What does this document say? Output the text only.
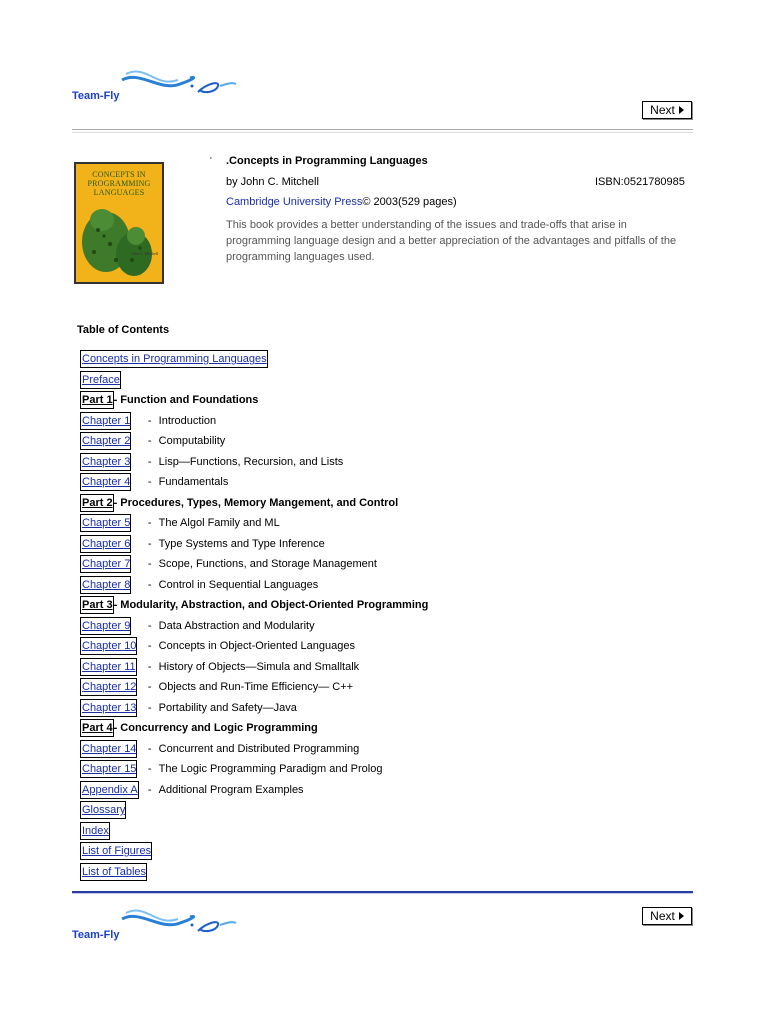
Team-Fly
Next
CONCEPTS IN
PROGRAMMING
LANGUAGES
John C. Mitchell
· .Concepts in Programming Languages
by John C. Mitchell	ISBN:0521780985
Cambridge University Press© 2003(529 pages)
This book provides a better understanding of the issues and trade-offs that arise in programming language design and a better appreciation of the advantages and pitfalls of the programming languages used.
Table of Contents
Concepts in Programming Languages
Preface
Part 1 - Function and Foundations
Chapter 1	- Introduction
Chapter 2	- Computability
Chapter 3	- Lisp—Functions, Recursion, and Lists
Chapter 4	- Fundamentals
Part 2 - Procedures, Types, Memory Mangement, and Control
Chapter 5	- The Algol Family and ML
Chapter 6	- Type Systems and Type Inference
Chapter 7	- Scope, Functions, and Storage Management
Chapter 8	- Control in Sequential Languages
Part 3 - Modularity, Abstraction, and Object-Oriented Programming
Chapter 9	- Data Abstraction and Modularity
Chapter 10	- Concepts in Object-Oriented Languages
Chapter 11	- History of Objects—Simula and Smalltalk
Chapter 12	- Objects and Run-Time Efficiency— C++
Chapter 13	- Portability and Safety—Java
Part 4 - Concurrency and Logic Programming
Chapter 14	- Concurrent and Distributed Programming
Chapter 15	- The Logic Programming Paradigm and Prolog
Appendix A - Additional Program Examples
Glossary
Index
List of Figures
List of Tables
Team-Fly
Next
